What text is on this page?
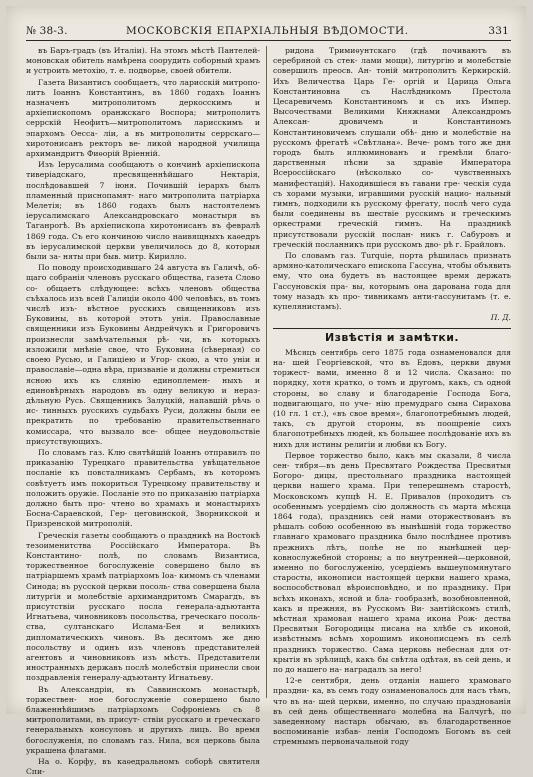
№ 38-3.	МОСКОВСКІЯ ЕПАРХІАЛЬНЫЯ ВѢДОМОСТИ.	331

въ Баръ-градъ (въ Италіи). На этомъ мѣстѣ Пантелей- моновская обитель намѣрена соорудить соборный храмъ и устроить метохію, т. е. подворье, своей обители.

Газета Византисъ сообщаетъ, что ларисскій митропо- литъ Іоаннъ Константинъ, въ 1860 годахъ Іоаннъ назначенъ митрополитомъ деркосскимъ и архіепископомъ оранжскаго Воспора; митрополитъ серрскій Неофитъ—митрополитомъ ларисскимъ и эпархомъ Оесса- ліи, а въ митрополиты серрскаго—хиротонисанъ ректоръ ве- ликой народной училища архимандритъ Фиѳорій Вріенній.

Изъ Іерусалима сообщаютъ о кончинѣ архіепископа тиверіадскаго, пресвященнѣйшаго Нектарія, послѣдовавшей 7 іюня. Почившій іерархъ былъ пламенный приснопамят- наго митрополита патріарха Мелетія; въ 1860 годахъ былъ настоятелемъ іерусалимскаго Александровскаго монастыря въ Таганрогѣ. Въ архіепископа хиротонисанъ въ февралѣ 1869 года. Съ его кончиною число наивящныхъ каѳедръ въ іерусалимской церкви увеличилось до 8, которыя были за- няты при быв. митр. Кирилло.

По поводу происходившаго 24 августа въ Галичѣ, об- щаго собранія членовъ русскаго общества, газета Слово со- общаетъ слѣдующее: всѣхъ членовъ общества съѣхалось изъ всей Галиціи около 400 человѣкъ, въ томъ числѣ изъ- вѣстное русскихъ священниковъ изъ Буковины, въ которой этотъ унія. Православные священники изъ Буковины Андрейчукъ и Григоровичъ произнесли замѣчательныя рѣ- чи, въ которыхъ изложили мнѣніе свое, что Буковина (сѣверная) со своею Русью, и Галиціею и Угор- скою, а что уніи и православіе—одна вѣра, призваніе и должны стремиться ясною ихъ къ слянію единоплемен- ныхъ и единовѣрныхъ народовъ въ одну великую и нераз- дѣльную Русь. Священникъ Залуцкій, напавшій рѣчь о ис- тинныхъ русскихъ судьбахъ Руси, должны были ее прекратить по требованію правительственнаго комиссара, что вызвало все- общее неудовольствіе присутствующихъ.

По словамъ газ. Клю святѣйшій Іоаннъ отправилъ по приказанію Турецкаго правительства увѣщательное посланіе къ повсталникамъ Сербамъ, въ которомъ совѣтуетъ имъ покориться Турецкому правительству и положить оружіе. Посланіе это по приказанію патріарха должно быть про- чтено во храмахъ и монастыряхъ Босна-Сараевской, Гер- цеговинской, Зворникской и Призренской митрополій.

Греческія газеты сообщаютъ о праздникѣ на Востокѣ тезоименитства Россійскаго Императора. Въ Константино- полѣ, по словамъ Византиса, торжественное богослуженіе совершено было въ патріаршемъ храмѣ патріархомъ Іоа- кимомъ съ членами Синода; въ русской церкви посоль- ства совершена была литургія и молебствіе архимандритомъ Смарагдъ, въ присутствіи русскаго посла генерала-адъютанта Игнатьева, чиновниковъ посольства, греческаго посоль- ства, султанскаго Ислама-Бея и великихъ дипломатическихъ чиновъ. Въ десятомъ же дню посольству и одинъ изъ членовъ представителей агентовъ и чиновниковъ изъ мѣстъ. Представители иностранныхъ державъ послѣ молебствія принесли свои поздравленія генералу-адъютанту Игнатьеву.

Въ Александріи, въ Саввинскомъ монастырѣ, торжествен- ное богослуженіе совершено было блаженнѣйшимъ патріархомъ Софроніемъ съ 8 митрополитами, въ присут- ствіи русскаго и греческаго генеральныхъ консуловъ и другихъ лицъ. Во время богослуженія, по словамъ газ. Нила, вся церковь была украшена флагами.

На о. Корфу, въ каѳедральномъ соборѣ святителя Спи-

ридона Тримиѳунтскаго (гдѣ почиваютъ въ серебряной съ стек- лами мощи), литургію и молебствіе совершилъ преосв. Ан- тоній митрополитъ Керкирскій. Ихъ Величества Царь Ге- оргій и Царица Ольга Константиновна съ Наслѣдникомъ Престола Цесаревичемъ Константиномъ и съ ихъ Импер. Высочествами Великими Княжнами Александромъ Алексан- дровичемъ и Константиномъ Константиновичемъ слушали обѣ- дню и молебствіе на русскомъ фрегатѣ «Свѣтлана». Вече- ромъ того же дня городъ былъ иллюминованъ и гремѣли благо- дарственныя пѣсни за здравіе Императора Всероссійскаго (нѣсколько со- чувственныхъ манифестацій). Находившіеся въ гавани гре- ческія суда съ хорами музыки, игравшими русскій нацио- нальный гимнъ, подходили къ русскому фрегату, послѣ чего суда были соединены въ шествіе русскимъ и греческимъ оркестрами греческій гимнъ. На праздникѣ присутствовали русскій послан- никъ г. Сабуровъ и греческій посланникъ при русскомъ дво- рѣ г. Брайловъ.

По словамъ газ. Turquie, порта рѣшилась признать армяно-католическаго епископа Гассуна, чтобы объявить ему, что она будетъ въ настоящее время держать Гассуновскія пра- вы, которымъ она дарована года для тому назадъ къ про- тивникамъ анти-гассунитамъ (т. е. купелянистамъ).

П. Д.

Извѣстія и замѣтки.

Мѣсяцъ сентябрь сего 1875 года ознаменовался для на- шей Георгіевской, что въ Едовъ, церкви двумя торжест- вами, именно 8 и 12 числа. Сказано: по порядку, хотя кратко, о томъ и другомъ, какъ, съ одной стороны, во славу и благодареніе Господа Бога, подвигающаго, по уче- нію премудраго сына Сирахова (10 гл. 1 ст.), «въ свое время», благопотребнымъ людей, такъ, съ другой стороны, въ поощреніе сихъ благопотребныхъ людей, къ большее послѣдованіе ихъ въ нихъ для истины религіи и любви къ Богу.

Первое торжество было, какъ мы сказали, 8 числа сен- тября—въ день Пресвятаго Рождества Пресвятыя Богоро- дицы, престольнаго праздника настоящей церкви нашего храма. При теперешнемъ старостѣ, Московскомъ купцѣ Н. Е. Привалов (проходитъ съ особеннымъ усердіемъ сію должность съ марта мѣсяца 1864 года), праздникъ сей нами оторжествованъ въ рѣшалъ собою особенною въ нынѣшній года торжество главнаго храмоваго праздника было послѣднее противъ прежнихъ лѣтъ, полѣе не по нынѣшней цер- ковнослужебной стороны; а по внутренней—церковной, именно по богослуженію, усердіемъ вышеупомянутаго старосты, иконописи настоящей церкви нашего храма, воспособствовал вѣроисповѣдно, и по празднику. При всѣхъ иконахъ, ясной и бла- гообразнѣ, возобновленной, какъ и прежняя, въ Русскомъ Ви- зантійскомъ стилѣ, мѣстная храмовая нашего храма икона Рож- дества Пресвятыя Богородицы писана на хлѣбе съ иконой, извѣстнымъ всѣмъ хорошимъ иконописцемъ въ селѣ праздникъ торжество. Сама церковь небесная для от- крытія въ зрѣлищѣ, какъ бы свѣтла одѣтая, въ сей день, и по до нашего на- наградалъ за него!

12-е сентября, день отданія нашего храмоваго праздни- ка, въ семъ году ознаменовалось для насъ тѣмъ, что въ на- шей церкви, именно, по случаю празднованія въ сей день общественнаго молебна на Балчугѣ, по заведенному настарь обычаю, въ благодарственное воспоминаніе избав- ленія Господомъ Богомъ въ сей стремнымъ первоначальной году
